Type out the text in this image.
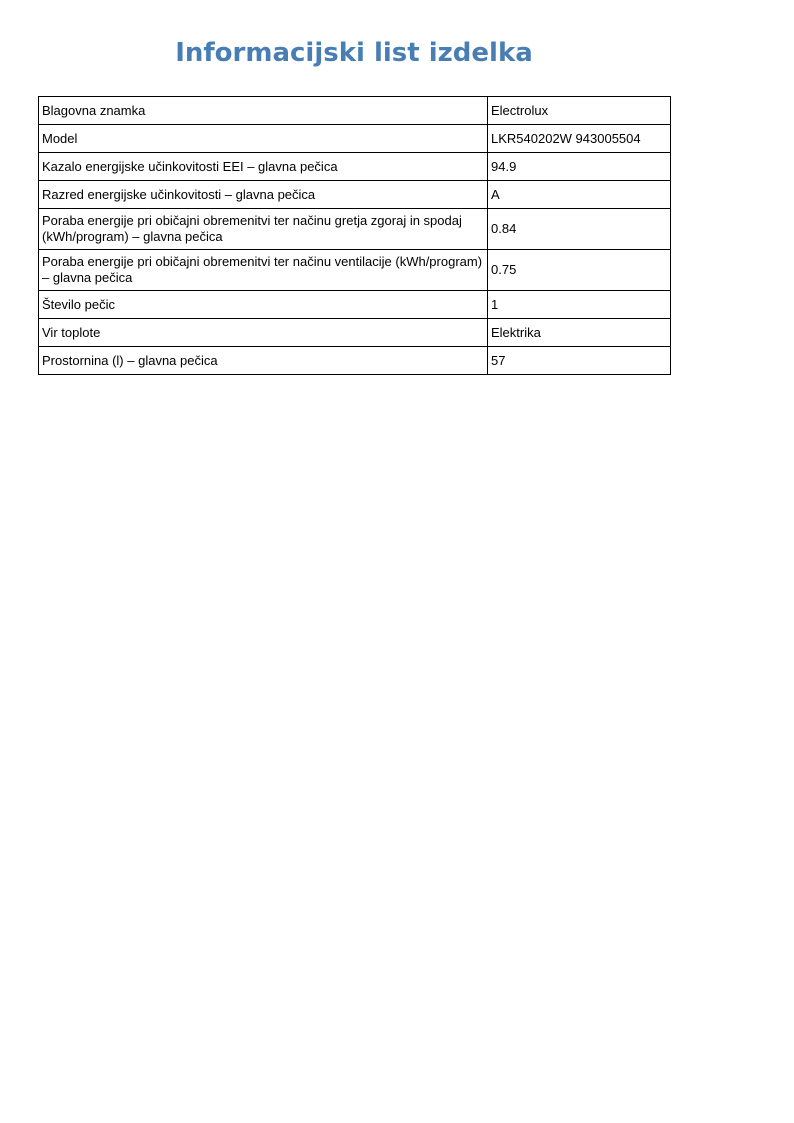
Informacijski list izdelka
Blagovna znamka	Electrolux
Model	LKR540202W 943005504
Kazalo energijske učinkovitosti EEI – glavna pečica	94.9
Razred energijske učinkovitosti – glavna pečica	A
Poraba energije pri običajni obremenitvi ter načinu gretja zgoraj in spodaj (kWh/program) – glavna pečica	0.84
Poraba energije pri običajni obremenitvi ter načinu ventilacije (kWh/program) – glavna pečica	0.75
Število pečic	1
Vir toplote	Elektrika
Prostornina (l) – glavna pečica	57
